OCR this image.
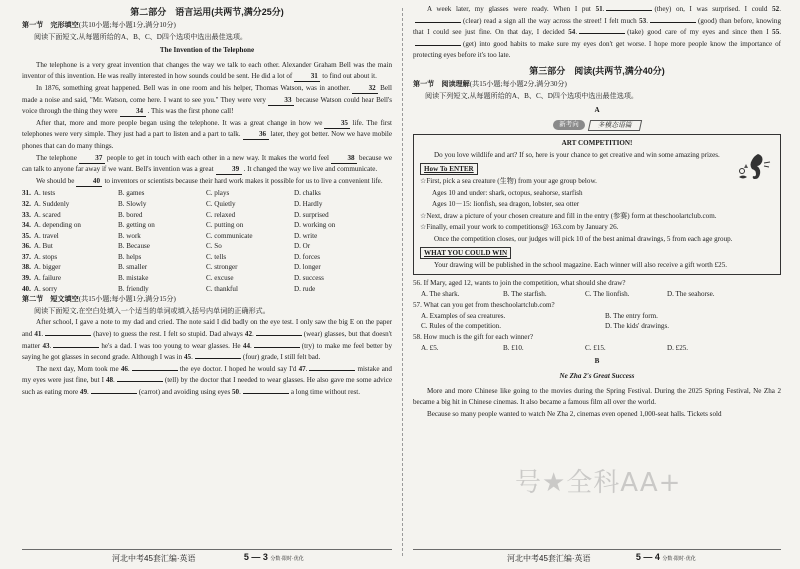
第二部分　语言运用(共两节,满分25分)
第一节　完形填空(共10小题;每小题1分,满分10分)

阅读下面短文,从每题所给的A、B、C、D四个选项中选出最佳选项。

The Invention of the Telephone

The telephone is a very great invention that changes the way we talk to each other. Alexander Graham Bell was the main inventor of this invention. He was really interested in how sounds could be sent. He did a lot of	31 to find out about it.

In 1876, something great happened. Bell was in one room and his helper, Thomas Watson, was in another.	32 Bell made a noise and said, "Mr. Watson, come here. I want to see you." They were very	33 because Watson could hear Bell's voice through the thing they were	34 . This was the first phone call!

After that, more and more people began using the telephone. It was a great change in how we	35 life. The first telephones were very simple. They just had a part to listen and a part to talk.	36 later, they got better. Now we have mobile phones that can do many things.

The telephone	37 people to get in touch with each other in a new way. It makes the world feel	38 because we can talk to anyone far away if we want. Bell's invention was a great	39 . It changed the way we live and communicate.

We should be	40 to inventors or scientists because their hard work makes it possible for us to live a convenient life.

31. A. tests	B. games	C. plays	D. chalks
32. A. Suddenly	B. Slowly	C. Quietly	D. Hardly
33. A. scared	B. bored	C. relaxed	D. surprised
34. A. depending on	B. getting on	C. putting on	D. working on
35. A. travel	B. work	C. communicate	D. write
36. A. But	B. Because	C. So	D. Or
37. A. stops	B. helps	C. tells	D. forces
38. A. bigger	B. smaller	C. stronger	D. longer
39. A. failure	B. mistake	C. excuse	D. success
40. A. sorry	B. friendly	C. thankful	D. rude
第二节　短文填空(共15小题;每小题1分,满分15分)

阅读下面短文,在空白处填入一个适当的单词或填入括号内单词的正确形式。

After school, I gave a note to my dad and cried. The note said I did badly on the eye test. I only saw the big E on the paper and 41.	(have) to guess the rest. I felt so stupid. Dad always 42.	(wear) glasses, but that doesn't matter 43.	he's a dad. I was too young to wear glasses. He 44.	(try) to make me feel better by saying he got glasses in second grade. Although I was in 45.	(four) grade, I still felt bad.

The next day, Mom took me 46.	the eye doctor. I hoped he would say I'd 47.	mistake and my eyes were just fine, but I 48.	(tell) by the doctor that I needed to wear glasses. He also gave me some advice such as eating more 49.	(carrot) and avoiding using eyes 50.	a long time without rest.

河北中考45套汇编·英语	5 — 3 分数·限时·优化

A week later, my glasses were ready. When I put 51.	(they) on, I was surprised. I could 52.(clear) read a sign all the way across the street! I felt much 53.	(good) than before, knowing that I could see just fine. On that day, I decided 54.	(take) good care of my eyes and since then I 55.(get) into good habits to make sure my eyes don't get worse. I hope more people know the importance of protecting eyes before it's too late.

第三部分　阅读(共两节,满分40分)
第一节　阅读理解(共15小题;每小题2分,满分30分)

阅读下列短文,从每题所给的A、B、C、D四个选项中选出最佳选项。

A
新考向	多模态语篇
ART COMPETITION!

Do you love wildlife and art? If so, here is your chance to get creative and win some amazing prizes.

How To ENTER

☆First, pick a sea creature (生物) from your age group below.

Ages 10 and under: shark, octopus, seahorse, starfish

Ages 10－15: lionfish, sea dragon, lobster, sea otter

☆Next, draw a picture of your chosen creature and fill in the entry (参赛) form at theschoolartclub.com.

☆Finally, email your work to competitions@ 163.com by January 26.

Once the competition closes, our judges will pick 10 of the best animal drawings, 5 from each age group.

WHAT YOU COULD WIN

Your drawing will be published in the school magazine. Each winner will also receive a gift worth £25.

56. If Mary, aged 12, wants to join the competition, what should she draw?

A. The shark.	B. The starfish.	C. The lionfish.	D. The seahorse.

57. What can you get from theschoolartclub.com?

A. Examples of sea creatures.	B. The entry form.
C. Rules of the competition.	D. The kids' drawings.

58. How much is the gift for each winner?

A. £5.	B. £10.	C. £15.	D. £25.
B
Ne Zha 2's Great Success

More and more Chinese like going to the movies during the Spring Festival. During the 2025 Spring Festival, Ne Zha 2 became a big hit in Chinese cinemas. It also became a famous film all over the world.

Because so many people wanted to watch Ne Zha 2, cinemas even opened 1,000-seat halls. Tickets sold

河北中考45套汇编·英语	5 — 4 分数·限时·优化
号★全科AA+
